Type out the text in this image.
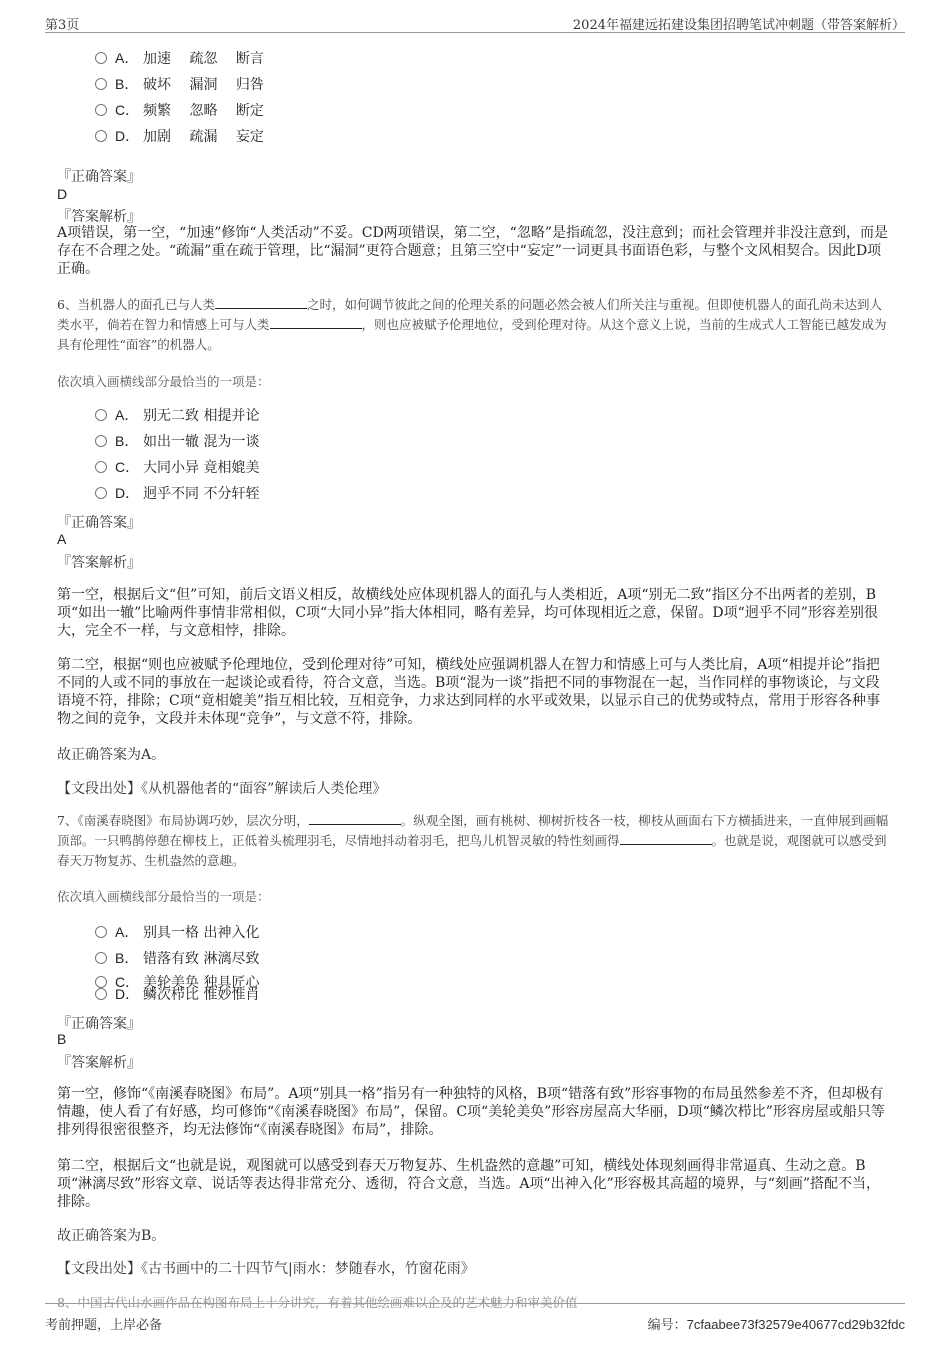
第3页	2024年福建远拓建设集团招聘笔试冲刺题（带答案解析）
A． 加速　 疏忽　 断言
B． 破坏　 漏洞　 归咎
C． 频繁　 忽略　 断定
D． 加剧　 疏漏　 妄定
『正确答案』
D
『答案解析』

A项错误，第一空，“加速”修饰“人类活动”不妥。CD两项错误，第二空，“忽略”是指疏忽，没注意到；而社会管理并非没注意到，而是存在不合理之处。“疏漏”重在疏于管理，比“漏洞”更符合题意；且第三空中“妄定”一词更具书面语色彩，与整个文风相契合。因此D项正确。

6、当机器人的面孔已与人类	之时，如何调节彼此之间的伦理关系的问题必然会被人们所关注与重视。但即使机器人的面孔尚未达到人类水平，倘若在智力和情感上可与人类	，则也应被赋予伦理地位，受到伦理对待。从这个意义上说，当前的生成式人工智能已越发成为具有伦理性“面容”的机器人。

依次填入画横线部分最恰当的一项是：
A． 别无二致 相提并论
B． 如出一辙 混为一谈
C． 大同小异 竟相媲美
D． 迥乎不同 不分轩轾
『正确答案』
A
『答案解析』

第一空，根据后文“但”可知，前后文语义相反，故横线处应体现机器人的面孔与人类相近，A项“别无二致”指区分不出两者的差别，B项“如出一辙”比喻两件事情非常相似，C项“大同小异”指大体相同，略有差异，均可体现相近之意，保留。D项“迥乎不同”形容差别很大，完全不一样，与文意相悖，排除。

第二空，根据“则也应被赋予伦理地位，受到伦理对待”可知，横线处应强调机器人在智力和情感上可与人类比肩，A项“相提并论”指把不同的人或不同的事放在一起谈论或看待，符合文意，当选。B项“混为一谈”指把不同的事物混在一起，当作同样的事物谈论，与文段语境不符，排除；C项“竟相媲美”指互相比较，互相竞争，力求达到同样的水平或效果，以显示自己的优势或特点，常用于形容各种事物之间的竞争，文段并未体现“竞争”，与文意不符，排除。

故正确答案为A。
【文段出处】《从机器他者的“面容”解读后人类伦理》

7、《南溪春晓图》布局协调巧妙，层次分明，	。纵观全图，画有桃树、柳树折枝各一枝，柳枝从画面右下方横插进来，一直伸展到画幅顶部。一只鸭鹊停憩在柳枝上，正低着头梳理羽毛，尽情地抖动着羽毛，把鸟儿机智灵敏的特性刻画得	。也就是说，观图就可以感受到春天万物复苏、生机盎然的意趣。

依次填入画横线部分最恰当的一项是：
A． 别具一格 出神入化
B． 错落有致 淋漓尽致
C． 美轮美奂 独具匠心
D． 鳞次栉比 惟妙惟肖
『正确答案』
B
『答案解析』

第一空，修饰“《南溪春晓图》布局”。A项“别具一格”指另有一种独特的风格，B项“错落有致”形容事物的布局虽然参差不齐，但却极有情趣，使人看了有好感，均可修饰“《南溪春晓图》布局”，保留。C项“美轮美奂”形容房屋高大华丽，D项“鳞次栉比”形容房屋或船只等排列得很密很整齐，均无法修饰“《南溪春晓图》布局”，排除。

第二空，根据后文“也就是说，观图就可以感受到春天万物复苏、生机盎然的意趣”可知，横线处体现刻画得非常逼真、生动之意。B项“淋漓尽致”形容文章、说话等表达得非常充分、透彻，符合文意，当选。A项“出神入化”形容极其高超的境界，与“刻画”搭配不当，排除。

故正确答案为B。
【文段出处】《古书画中的二十四节气|雨水：梦随春水，竹窗花雨》
8、中国古代山水画作品在构图布局上十分讲究，有着其他绘画难以企及的艺术魅力和审美价值
考前押题，上岸必备	编号：7cfaabee73f32579e40677cd29b32fdc
